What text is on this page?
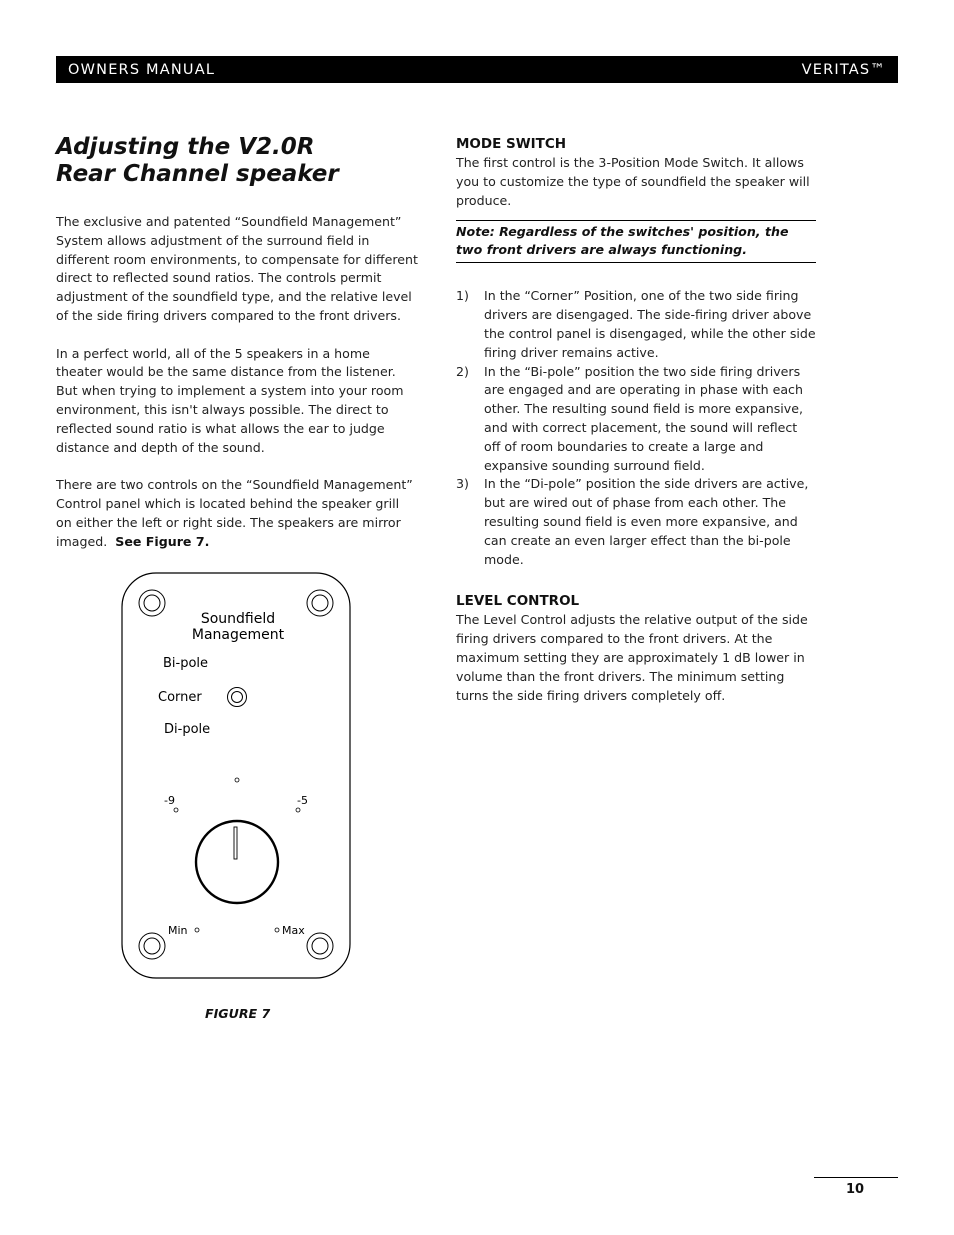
OWNERS MANUAL	VERITAS™
Adjusting the V2.0R
Rear Channel speaker

The exclusive and patented “Soundfield Management” System allows adjustment of the surround field in different room environments, to compensate for different direct to reflected sound ratios. The controls permit adjustment of the soundfield type, and the relative level of the side firing drivers compared to the front drivers.

In a perfect world, all of the 5 speakers in a home theater would be the same distance from the listener. But when trying to implement a system into your room environment, this isn't always possible. The direct to reflected sound ratio is what allows the ear to judge distance and depth of the sound.

There are two controls on the “Soundfield Management” Control panel which is located behind the speaker grill on either the left or right side. The speakers are mirror imaged. See Figure 7.

Soundfield
Management
Bi-pole
Corner
Di-pole
-9	-5
Min	Max
FIGURE 7
MODE SWITCH

The first control is the 3-Position Mode Switch. It allows you to customize the type of soundfield the speaker will produce.

Note: Regardless of the switches' position, the two front drivers are always functioning.
1)	In the “Corner” Position, one of the two side firing drivers are disengaged. The side-firing driver above the control panel is disengaged, while the other side firing driver remains active.
2)	In the “Bi-pole” position the two side firing drivers are engaged and are operating in phase with each other. The resulting sound field is more expansive, and with correct placement, the sound will reflect off of room boundaries to create a large and expansive sounding surround field.
3)	In the “Di-pole” position the side drivers are active, but are wired out of phase from each other. The resulting sound field is even more expansive, and can create an even larger effect than the bi-pole mode.
LEVEL CONTROL

The Level Control adjusts the relative output of the side firing drivers compared to the front drivers. At the maximum setting they are approximately 1 dB lower in volume than the front drivers. The minimum setting turns the side firing drivers completely off.

10
